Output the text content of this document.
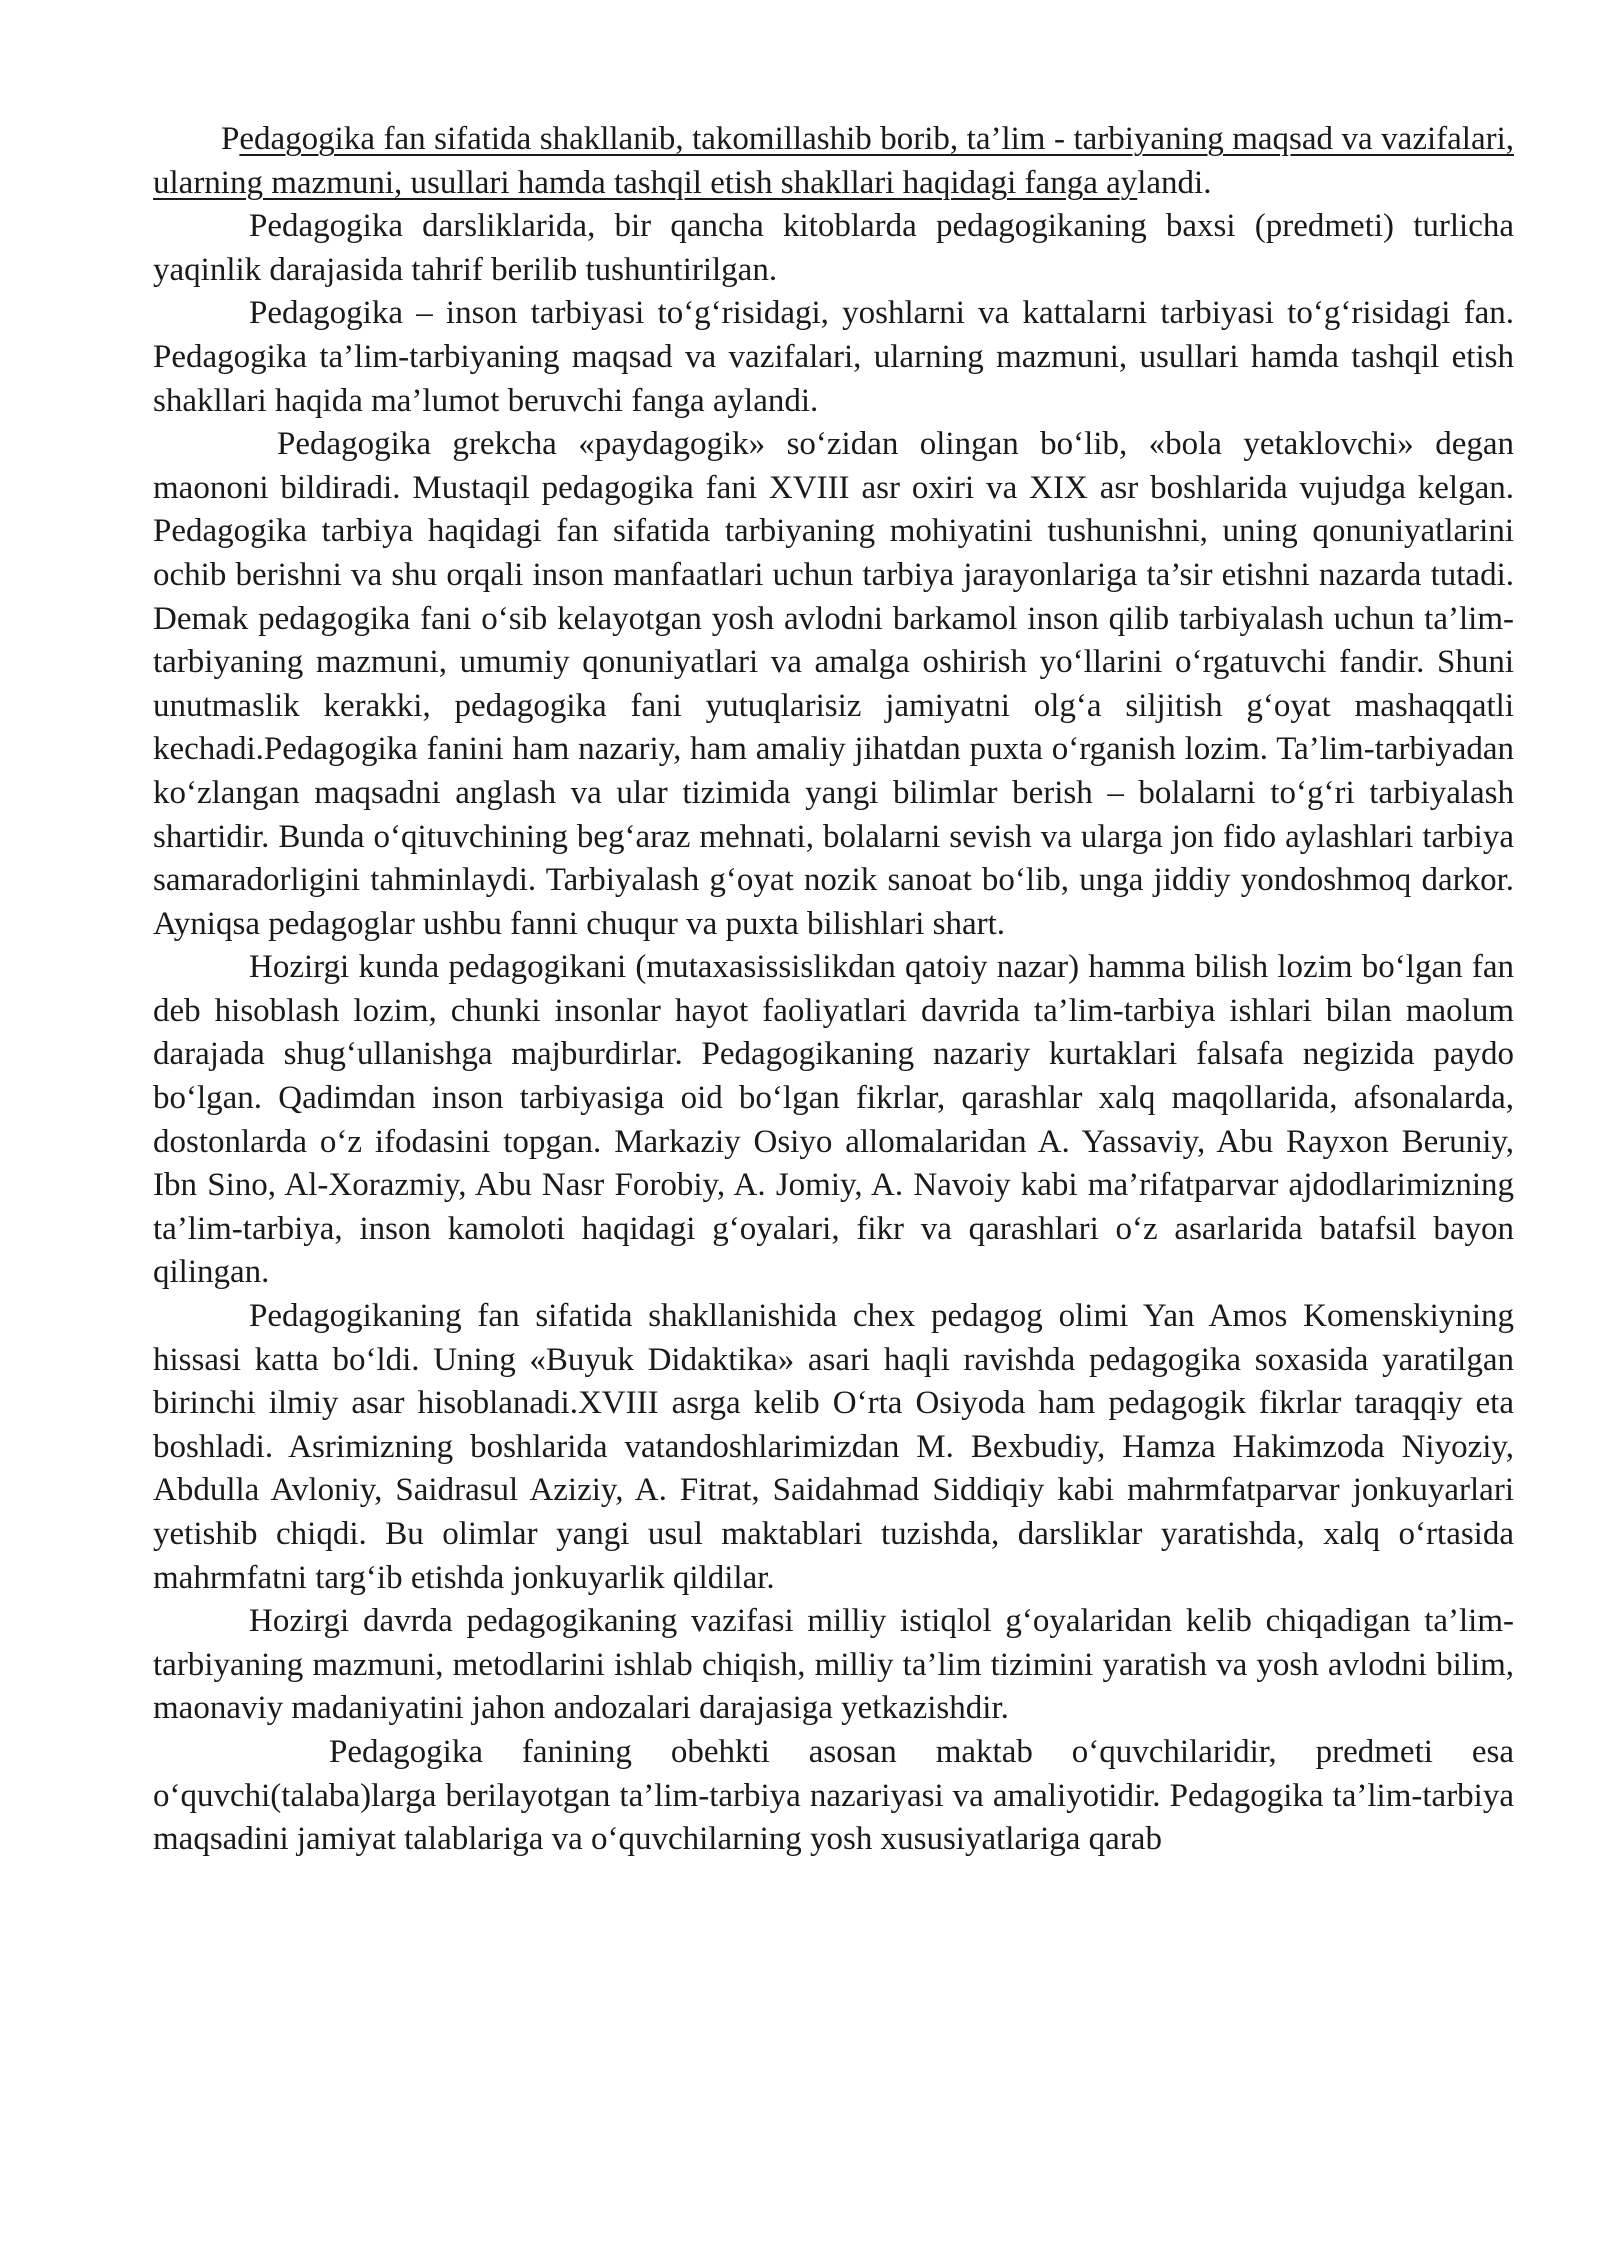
Pedagogika fan sifatida shakllanib, takomillashib borib, ta’lim - tarbiyaning maqsad va vazifalari, ularning mazmuni, usullari hamda tashqil etish shakllari haqidagi fanga aylandi.

Pedagogika darsliklarida, bir qancha kitoblarda pedagogikaning baxsi (predmeti) turlicha yaqinlik darajasida tahrif berilib tushuntirilgan.

Pedagogika – inson tarbiyasi to‘g‘risidagi, yoshlarni va kattalarni tarbiyasi to‘g‘risidagi fan. Pedagogika ta’lim-tarbiyaning maqsad va vazifalari, ularning mazmuni, usullari hamda tashqil etish shakllari haqida ma’lumot beruvchi fanga aylandi.

Pedagogika grekcha «paydagogik» so‘zidan olingan bo‘lib, «bola yetaklovchi» degan maononi bildiradi. Mustaqil pedagogika fani XVIII asr oxiri va XIX asr boshlarida vujudga kelgan. Pedagogika tarbiya haqidagi fan sifatida tarbiyaning mohiyatini tushunishni, uning qonuniyatlarini ochib berishni va shu orqali inson manfaatlari uchun tarbiya jarayonlariga ta’sir etishni nazarda tutadi. Demak pedagogika fani o‘sib kelayotgan yosh avlodni barkamol inson qilib tarbiyalash uchun ta’lim-tarbiyaning mazmuni, umumiy qonuniyatlari va amalga oshirish yo‘llarini o‘rgatuvchi fandir. Shuni unutmaslik kerakki, pedagogika fani yutuqlarisiz jamiyatni olg‘a siljitish g‘oyat mashaqqatli kechadi.Pedagogika fanini ham nazariy, ham amaliy jihatdan puxta o‘rganish lozim. Ta’lim-tarbiyadan ko‘zlangan maqsadni anglash va ular tizimida yangi bilimlar berish – bolalarni to‘g‘ri tarbiyalash shartidir. Bunda o‘qituvchining beg‘araz mehnati, bolalarni sevish va ularga jon fido aylashlari tarbiya samaradorligini tahminlaydi. Tarbiyalash g‘oyat nozik sanoat bo‘lib, unga jiddiy yondoshmoq darkor. Ayniqsa pedagoglar ushbu fanni chuqur va puxta bilishlari shart.

Hozirgi kunda pedagogikani (mutaxasissislikdan qatoiy nazar) hamma bilish lozim bo‘lgan fan deb hisoblash lozim, chunki insonlar hayot faoliyatlari davrida ta’lim-tarbiya ishlari bilan maolum darajada shug‘ullanishga majburdirlar. Pedagogikaning nazariy kurtaklari falsafa negizida paydo bo‘lgan. Qadimdan inson tarbiyasiga oid bo‘lgan fikrlar, qarashlar xalq maqollarida, afsonalarda, dostonlarda o‘z ifodasini topgan. Markaziy Osiyo allomalaridan A. Yassaviy, Abu Rayxon Beruniy, Ibn Sino, Al-Xorazmiy, Abu Nasr Forobiy, A. Jomiy, A. Navoiy kabi ma’rifatparvar ajdodlarimizning ta’lim-tarbiya, inson kamoloti haqidagi g‘oyalari, fikr va qarashlari o‘z asarlarida batafsil bayon qilingan.

Pedagogikaning fan sifatida shakllanishida chex pedagog olimi Yan Amos Komenskiyning hissasi katta bo‘ldi. Uning «Buyuk Didaktika» asari haqli ravishda pedagogika soxasida yaratilgan birinchi ilmiy asar hisoblanadi.XVIII asrga kelib O‘rta Osiyoda ham pedagogik fikrlar taraqqiy eta boshladi. Asrimizning boshlarida vatandoshlarimizdan M. Bexbudiy, Hamza Hakimzoda Niyoziy, Abdulla Avloniy, Saidrasul Aziziy, A. Fitrat, Saidahmad Siddiqiy kabi mahrmfatparvar jonkuyarlari yetishib chiqdi. Bu olimlar yangi usul maktablari tuzishda, darsliklar yaratishda, xalq o‘rtasida mahrmfatni targ‘ib etishda jonkuyarlik qildilar.

Hozirgi davrda pedagogikaning vazifasi milliy istiqlol g‘oyalaridan kelib chiqadigan ta’lim-tarbiyaning mazmuni, metodlarini ishlab chiqish, milliy ta’lim tizimini yaratish va yosh avlodni bilim, maonaviy madaniyatini jahon andozalari darajasiga yetkazishdir.

Pedagogika fanining obehkti asosan maktab o‘quvchilaridir, predmeti esa o‘quvchi(talaba)larga berilayotgan ta’lim-tarbiya nazariyasi va amaliyotidir. Pedagogika ta’lim-tarbiya maqsadini jamiyat talablariga va o‘quvchilarning yosh xususiyatlariga qarab
